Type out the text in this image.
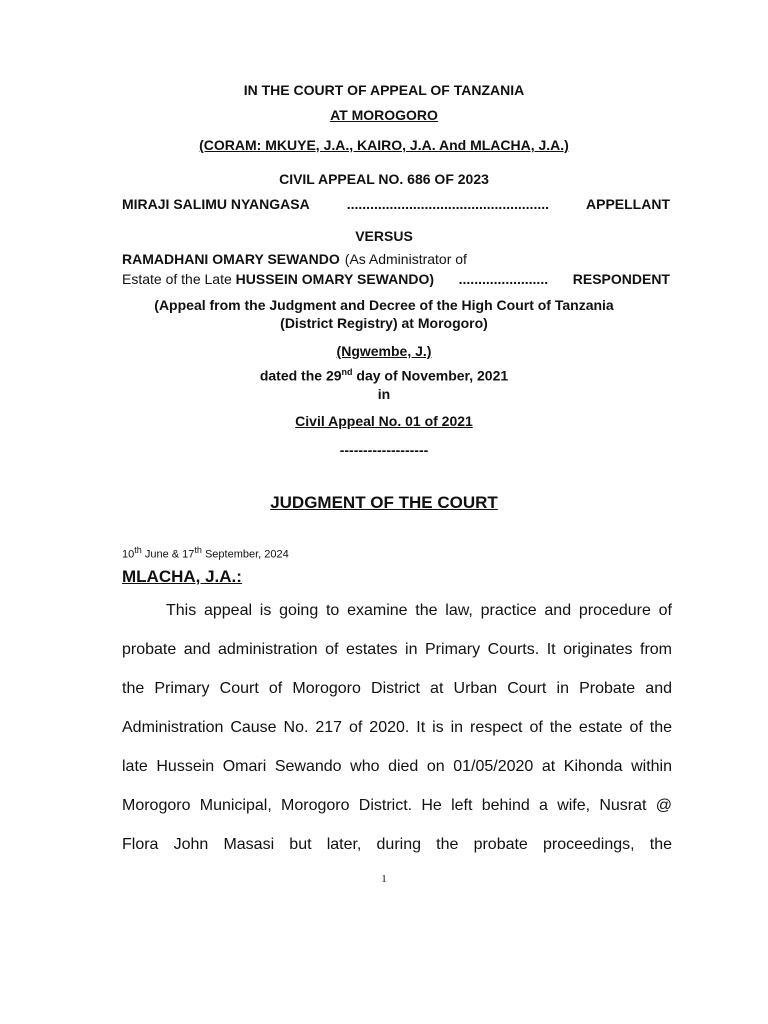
IN THE COURT OF APPEAL OF TANZANIA
AT MOROGORO
(CORAM: MKUYE, J.A., KAIRO, J.A. And MLACHA, J.A.)
CIVIL APPEAL NO. 686 OF 2023
MIRAJI SALIMU NYANGASA	....................................................	APPELLANT
VERSUS
RAMADHANI OMARY SEWANDO (As Administrator of
Estate of the Late HUSSEIN OMARY SEWANDO) ....................... RESPONDENT
(Appeal from the Judgment and Decree of the High Court of Tanzania
(District Registry) at Morogoro)
(Ngwembe, J.)
dated the 29nd day of November, 2021
in
Civil Appeal No. 01 of 2021
-------------------
JUDGMENT OF THE COURT
10th June & 17th September, 2024
MLACHA, J.A.:
This appeal is going to examine the law, practice and procedure of
probate and administration of estates in Primary Courts. It originates from
the Primary Court of Morogoro District at Urban Court in Probate and
Administration Cause No. 217 of 2020. It is in respect of the estate of the
late Hussein Omari Sewando who died on 01/05/2020 at Kihonda within
Morogoro Municipal, Morogoro District. He left behind a wife, Nusrat @
Flora John Masasi but later, during the probate proceedings, the
1
